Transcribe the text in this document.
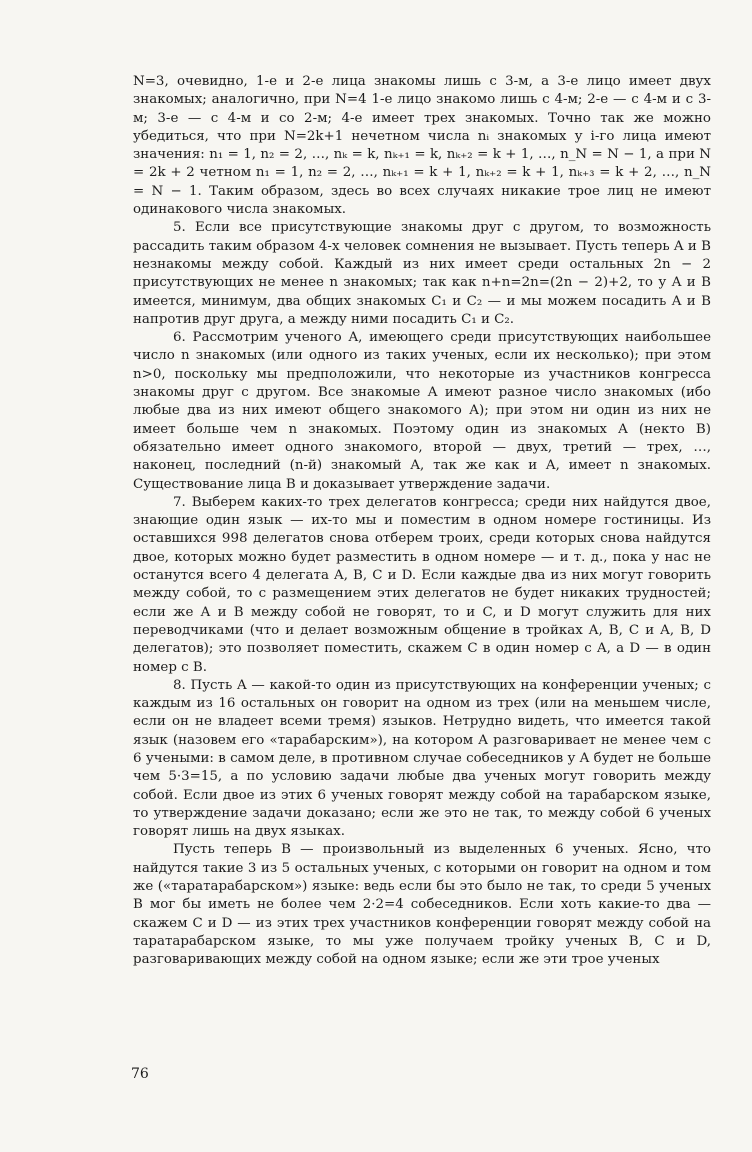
N=3, очевидно, 1-е и 2-е лица знакомы лишь с 3-м, а 3-е лицо имеет двух знакомых; аналогично, при N=4 1-е лицо знакомо лишь с 4-м; 2-е — с 4-м и с 3-м; 3-е — с 4-м и со 2-м; 4-е имеет трех знакомых. Точно так же можно убедиться, что при N=2k+1 нечетном числа nᵢ знакомых у i-го лица имеют значения: n₁ = 1, n₂ = 2, …, nₖ = k, nₖ₊₁ = k, nₖ₊₂ = k + 1, …, n_N = N − 1, а при N = 2k + 2 четном n₁ = 1, n₂ = 2, …, nₖ₊₁ = k + 1, nₖ₊₂ = k + 1, nₖ₊₃ = k + 2, …, n_N = N − 1. Таким образом, здесь во всех случаях никакие трое лиц не имеют одинакового числа знакомых.

5. Если все присутствующие знакомы друг с другом, то возможность рассадить таким образом 4-х человек сомнения не вызывает. Пусть теперь A и B незнакомы между собой. Каждый из них имеет среди остальных 2n − 2 присутствующих не менее n знакомых; так как n+n=2n=(2n − 2)+2, то у A и B имеется, минимум, два общих знакомых C₁ и C₂ — и мы можем посадить A и B напротив друг друга, а между ними посадить C₁ и C₂.

6. Рассмотрим ученого A, имеющего среди присутствующих наибольшее число n знакомых (или одного из таких ученых, если их несколько); при этом n>0, поскольку мы предположили, что некоторые из участников конгресса знакомы друг с другом. Все знакомые A имеют разное число знакомых (ибо любые два из них имеют общего знакомого A); при этом ни один из них не имеет больше чем n знакомых. Поэтому один из знакомых A (некто B) обязательно имеет одного знакомого, второй — двух, третий — трех, …, наконец, последний (n-й) знакомый A, так же как и A, имеет n знакомых. Существование лица B и доказывает утверждение задачи.

7. Выберем каких-то трех делегатов конгресса; среди них найдутся двое, знающие один язык — их-то мы и поместим в одном номере гостиницы. Из оставшихся 998 делегатов снова отберем троих, среди которых снова найдутся двое, которых можно будет разместить в одном номере — и т. д., пока у нас не останутся всего 4 делегата A, B, C и D. Если каждые два из них могут говорить между собой, то с размещением этих делегатов не будет никаких трудностей; если же A и B между собой не говорят, то и C, и D могут служить для них переводчиками (что и делает возможным общение в тройках A, B, C и A, B, D делегатов); это позволяет поместить, скажем C в один номер с A, а D — в один номер с B.

8. Пусть A — какой-то один из присутствующих на конференции ученых; с каждым из 16 остальных он говорит на одном из трех (или на меньшем числе, если он не владеет всеми тремя) языков. Нетрудно видеть, что имеется такой язык (назовем его «тарабарским»), на котором A разговаривает не менее чем с 6 учеными: в самом деле, в противном случае собеседников у A будет не больше чем 5·3=15, а по условию задачи любые два ученых могут говорить между собой. Если двое из этих 6 ученых говорят между собой на тарабарском языке, то утверждение задачи доказано; если же это не так, то между собой 6 ученых говорят лишь на двух языках.

Пусть теперь B — произвольный из выделенных 6 ученых. Ясно, что найдутся такие 3 из 5 остальных ученых, с которыми он говорит на одном и том же («таратарабарском») языке: ведь если бы это было не так, то среди 5 ученых B мог бы иметь не более чем 2·2=4 собеседников. Если хоть какие-то два — скажем C и D — из этих трех участников конференции говорят между собой на таратарабарском языке, то мы уже получаем тройку ученых B, C и D, разговаривающих между собой на одном языке; если же эти трое ученых

76
